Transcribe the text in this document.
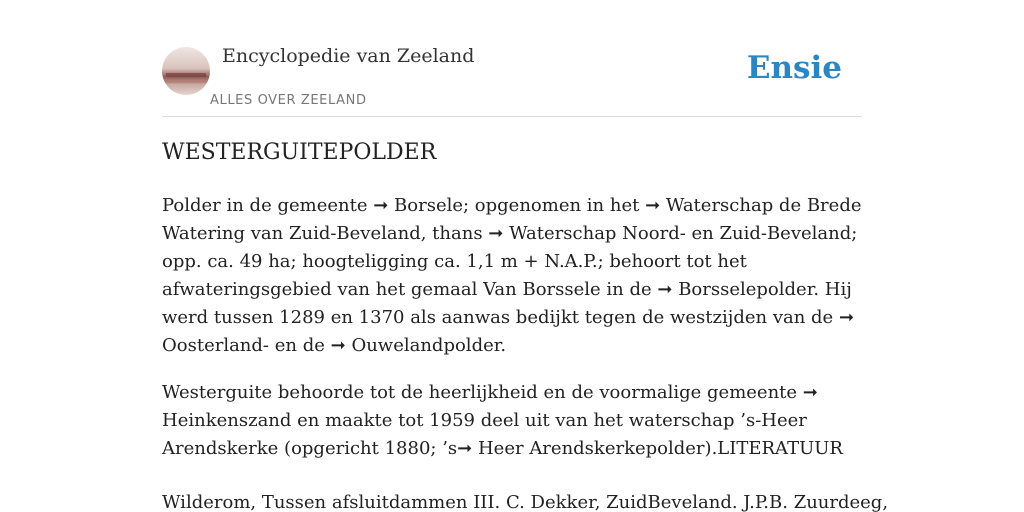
Encyclopedie van Zeeland
ALLES OVER ZEELAND
Ensie
WESTERGUITEPOLDER

Polder in de gemeente ➞ Borsele; opgenomen in het ➞ Waterschap de Brede Watering van Zuid-Beveland, thans ➞ Waterschap Noord- en Zuid-Beveland; opp. ca. 49 ha; hoogteligging ca. 1,1 m + N.A.P.; behoort tot het afwateringsgebied van het gemaal Van Borssele in de ➞ Borsselepolder. Hij werd tussen 1289 en 1370 als aanwas bedijkt tegen de westzijden van de ➞ Oosterland- en de ➞ Ouwelandpolder.

Westerguite behoorde tot de heerlijkheid en de voormalige gemeente ➞ Heinkenszand en maakte tot 1959 deel uit van het waterschap ’s-Heer Arendskerke (opgericht 1880; ’s➞ Heer Arendskerkepolder).LITERATUUR

Wilderom, Tussen afsluitdammen III. C. Dekker, ZuidBeveland. J.P.B. Zuurdeeg,
